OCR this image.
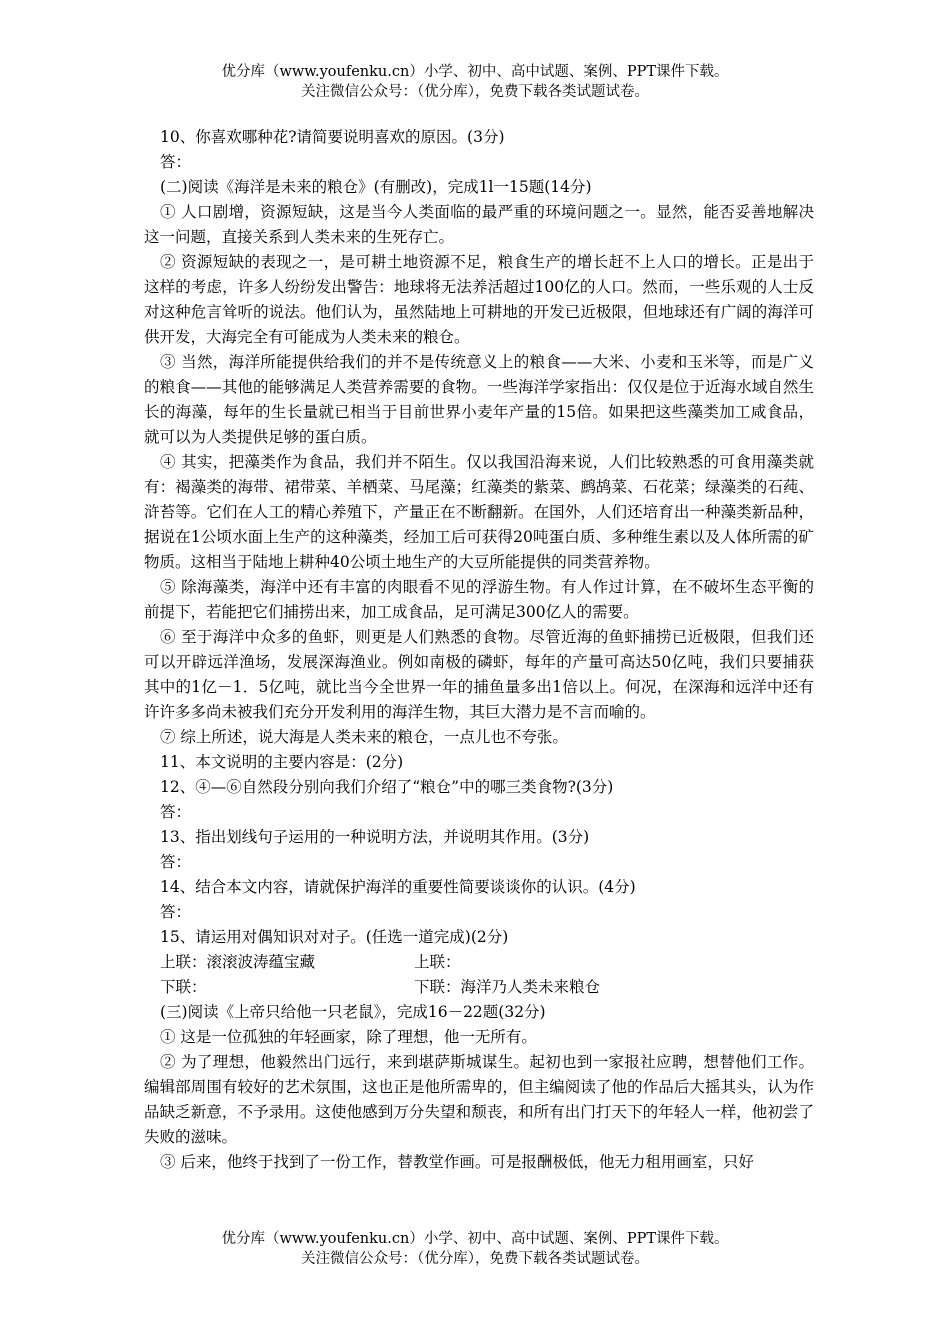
优分库（www.youfenku.cn）小学、初中、高中试题、案例、PPT课件下载。
关注微信公众号：（优分库），免费下载各类试题试卷。

10、你喜欢哪种花?请简要说明喜欢的原因。(3分)

答：

(二)阅读《海洋是未来的粮仓》(有删改)，完成1l一15题(14分)

① 人口剧增，资源短缺，这是当今人类面临的最严重的环境问题之一。显然，能否妥善地解决这一问题，直接关系到人类未来的生死存亡。

② 资源短缺的表现之一，是可耕土地资源不足，粮食生产的增长赶不上人口的增长。正是出于这样的考虑，许多人纷纷发出警告：地球将无法养活超过100亿的人口。然而，一些乐观的人士反对这种危言耸听的说法。他们认为，虽然陆地上可耕地的开发已近极限，但地球还有广阔的海洋可供开发，大海完全有可能成为人类未来的粮仓。

③ 当然，海洋所能提供给我们的并不是传统意义上的粮食——大米、小麦和玉米等，而是广义的粮食——其他的能够满足人类营养需要的食物。一些海洋学家指出：仅仅是位于近海水域自然生长的海藻，每年的生长量就已相当于目前世界小麦年产量的15倍。如果把这些藻类加工咸食品，就可以为人类提供足够的蛋白质。

④ 其实，把藻类作为食品，我们并不陌生。仅以我国沿海来说，人们比较熟悉的可食用藻类就有：褐藻类的海带、裙带菜、羊栖菜、马尾藻；红藻类的紫菜、鹧鸪菜、石花菜；绿藻类的石莼、浒苔等。它们在人工的精心养殖下，产量正在不断翻新。在国外，人们还培育出一种藻类新品种，据说在1公顷水面上生产的这种藻类，经加工后可获得20吨蛋白质、多种维生素以及人体所需的矿物质。这相当于陆地上耕种40公顷土地生产的大豆所能提供的同类营养物。

⑤ 除海藻类，海洋中还有丰富的肉眼看不见的浮游生物。有人作过计算，在不破坏生态平衡的前提下，若能把它们捕捞出来，加工成食品，足可满足300亿人的需要。

⑥ 至于海洋中众多的鱼虾，则更是人们熟悉的食物。尽管近海的鱼虾捕捞已近极限，但我们还可以开辟远洋渔场，发展深海渔业。例如南极的磷虾，每年的产量可高达50亿吨，我们只要捕获其中的1亿－1．5亿吨，就比当今全世界一年的捕鱼量多出1倍以上。何况，在深海和远洋中还有许许多多尚未被我们充分开发利用的海洋生物，其巨大潜力是不言而喻的。

⑦ 综上所述，说大海是人类未来的粮仓，一点儿也不夸张。

11、本文说明的主要内容是：(2分)

12、④—⑥自然段分别向我们介绍了“粮仓”中的哪三类食物?(3分)

答：

13、指出划线句子运用的一种说明方法，并说明其作用。(3分)

答：

14、结合本文内容，请就保护海洋的重要性简要谈谈你的认识。(4分)

答：

15、请运用对偶知识对对子。(任选一道完成)(2分)

上联：滚滚波涛蕴宝藏	上联：
下联：	下联：海洋乃人类未来粮仓

(三)阅读《上帝只给他一只老鼠》，完成16－22题(32分)

① 这是一位孤独的年轻画家，除了理想，他一无所有。

② 为了理想，他毅然出门远行，来到堪萨斯城谋生。起初也到一家报社应聘，想替他们工作。编辑部周围有较好的艺术氛围，这也正是他所需卑的，但主编阅读了他的作品后大摇其头，认为作品缺乏新意，不予录用。这使他感到万分失望和颓丧，和所有出门打天下的年轻人一样，他初尝了失败的滋味。

③ 后来，他终于找到了一份工作，替教堂作画。可是报酬极低，他无力租用画室，只好

优分库（www.youfenku.cn）小学、初中、高中试题、案例、PPT课件下载。
关注微信公众号：（优分库），免费下载各类试题试卷。
